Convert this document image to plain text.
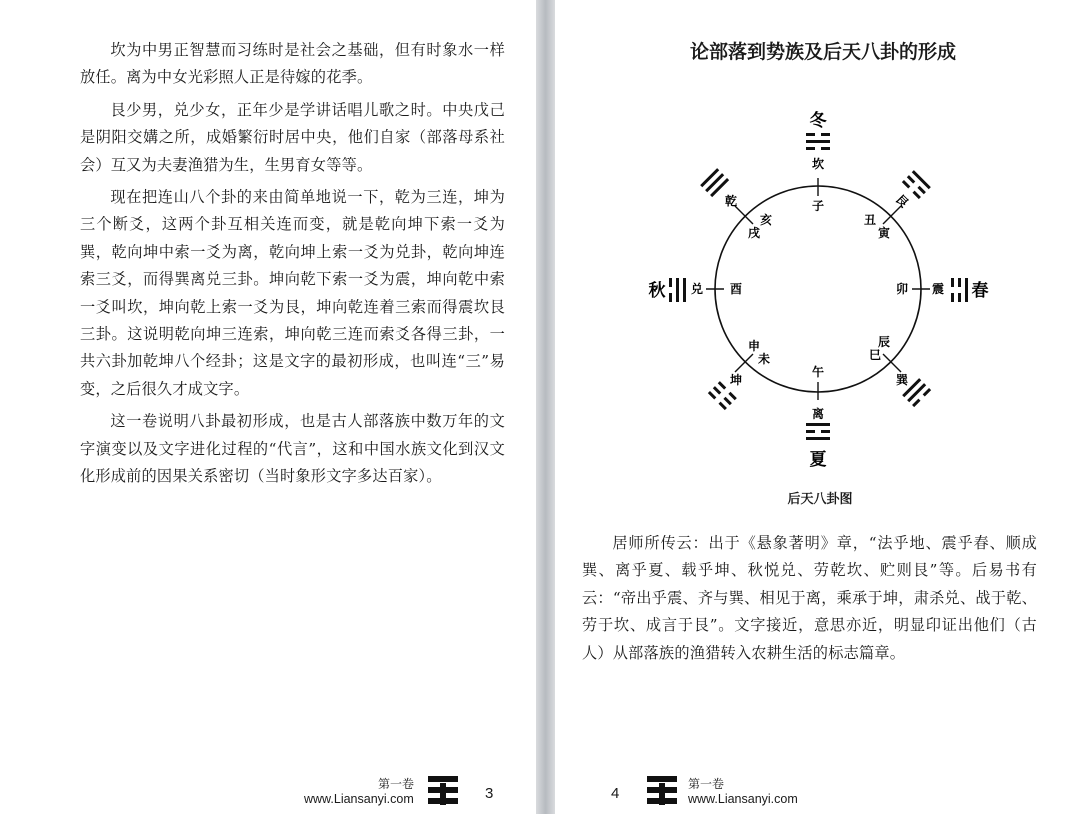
坎为中男正智慧而习练时是社会之基础，但有时象水一样放任。离为中女光彩照人正是待嫁的花季。

艮少男，兑少女，正年少是学讲话唱儿歌之时。中央戊己是阴阳交媾之所，成婚繁衍时居中央，他们自家（部落母系社会）互又为夫妻渔猎为生，生男育女等等。

现在把连山八个卦的来由简单地说一下，乾为三连，坤为三个断爻，这两个卦互相关连而变，就是乾向坤下索一爻为巽，乾向坤中索一爻为离，乾向坤上索一爻为兑卦，乾向坤连索三爻，而得巽离兑三卦。坤向乾下索一爻为震，坤向乾中索一爻叫坎，坤向乾上索一爻为艮，坤向乾连着三索而得震坎艮三卦。这说明乾向坤三连索，坤向乾三连而索爻各得三卦，一共六卦加乾坤八个经卦；这是文字的最初形成，也叫连“三”易变，之后很久才成文字。

这一卷说明八卦最初形成，也是古人部落族中数万年的文字演变以及文字进化过程的“代言”，这和中国水族文化到汉文化形成前的因果关系密切（当时象形文字多达百家）。

第一卷
www.Liansanyi.com	3
论部落到势族及后天八卦的形成
冬
夏
秋	春
坎
离
兑	震
乾	艮
坤	巽
子
丑
寅
卯
辰
巳
午
未
申
酉
戌
亥
后天八卦图

居师所传云：出于《悬象著明》章，“法乎地、震乎春、顺成巽、离乎夏、载乎坤、秋悦兑、劳乾坎、贮则艮”等。后易书有云：“帝出乎震、齐与巽、相见于离，乘承于坤，肃杀兑、战于乾、劳于坎、成言于艮”。文字接近，意思亦近，明显印证出他们（古人）从部落族的渔猎转入农耕生活的标志篇章。

4
第一卷
www.Liansanyi.com
